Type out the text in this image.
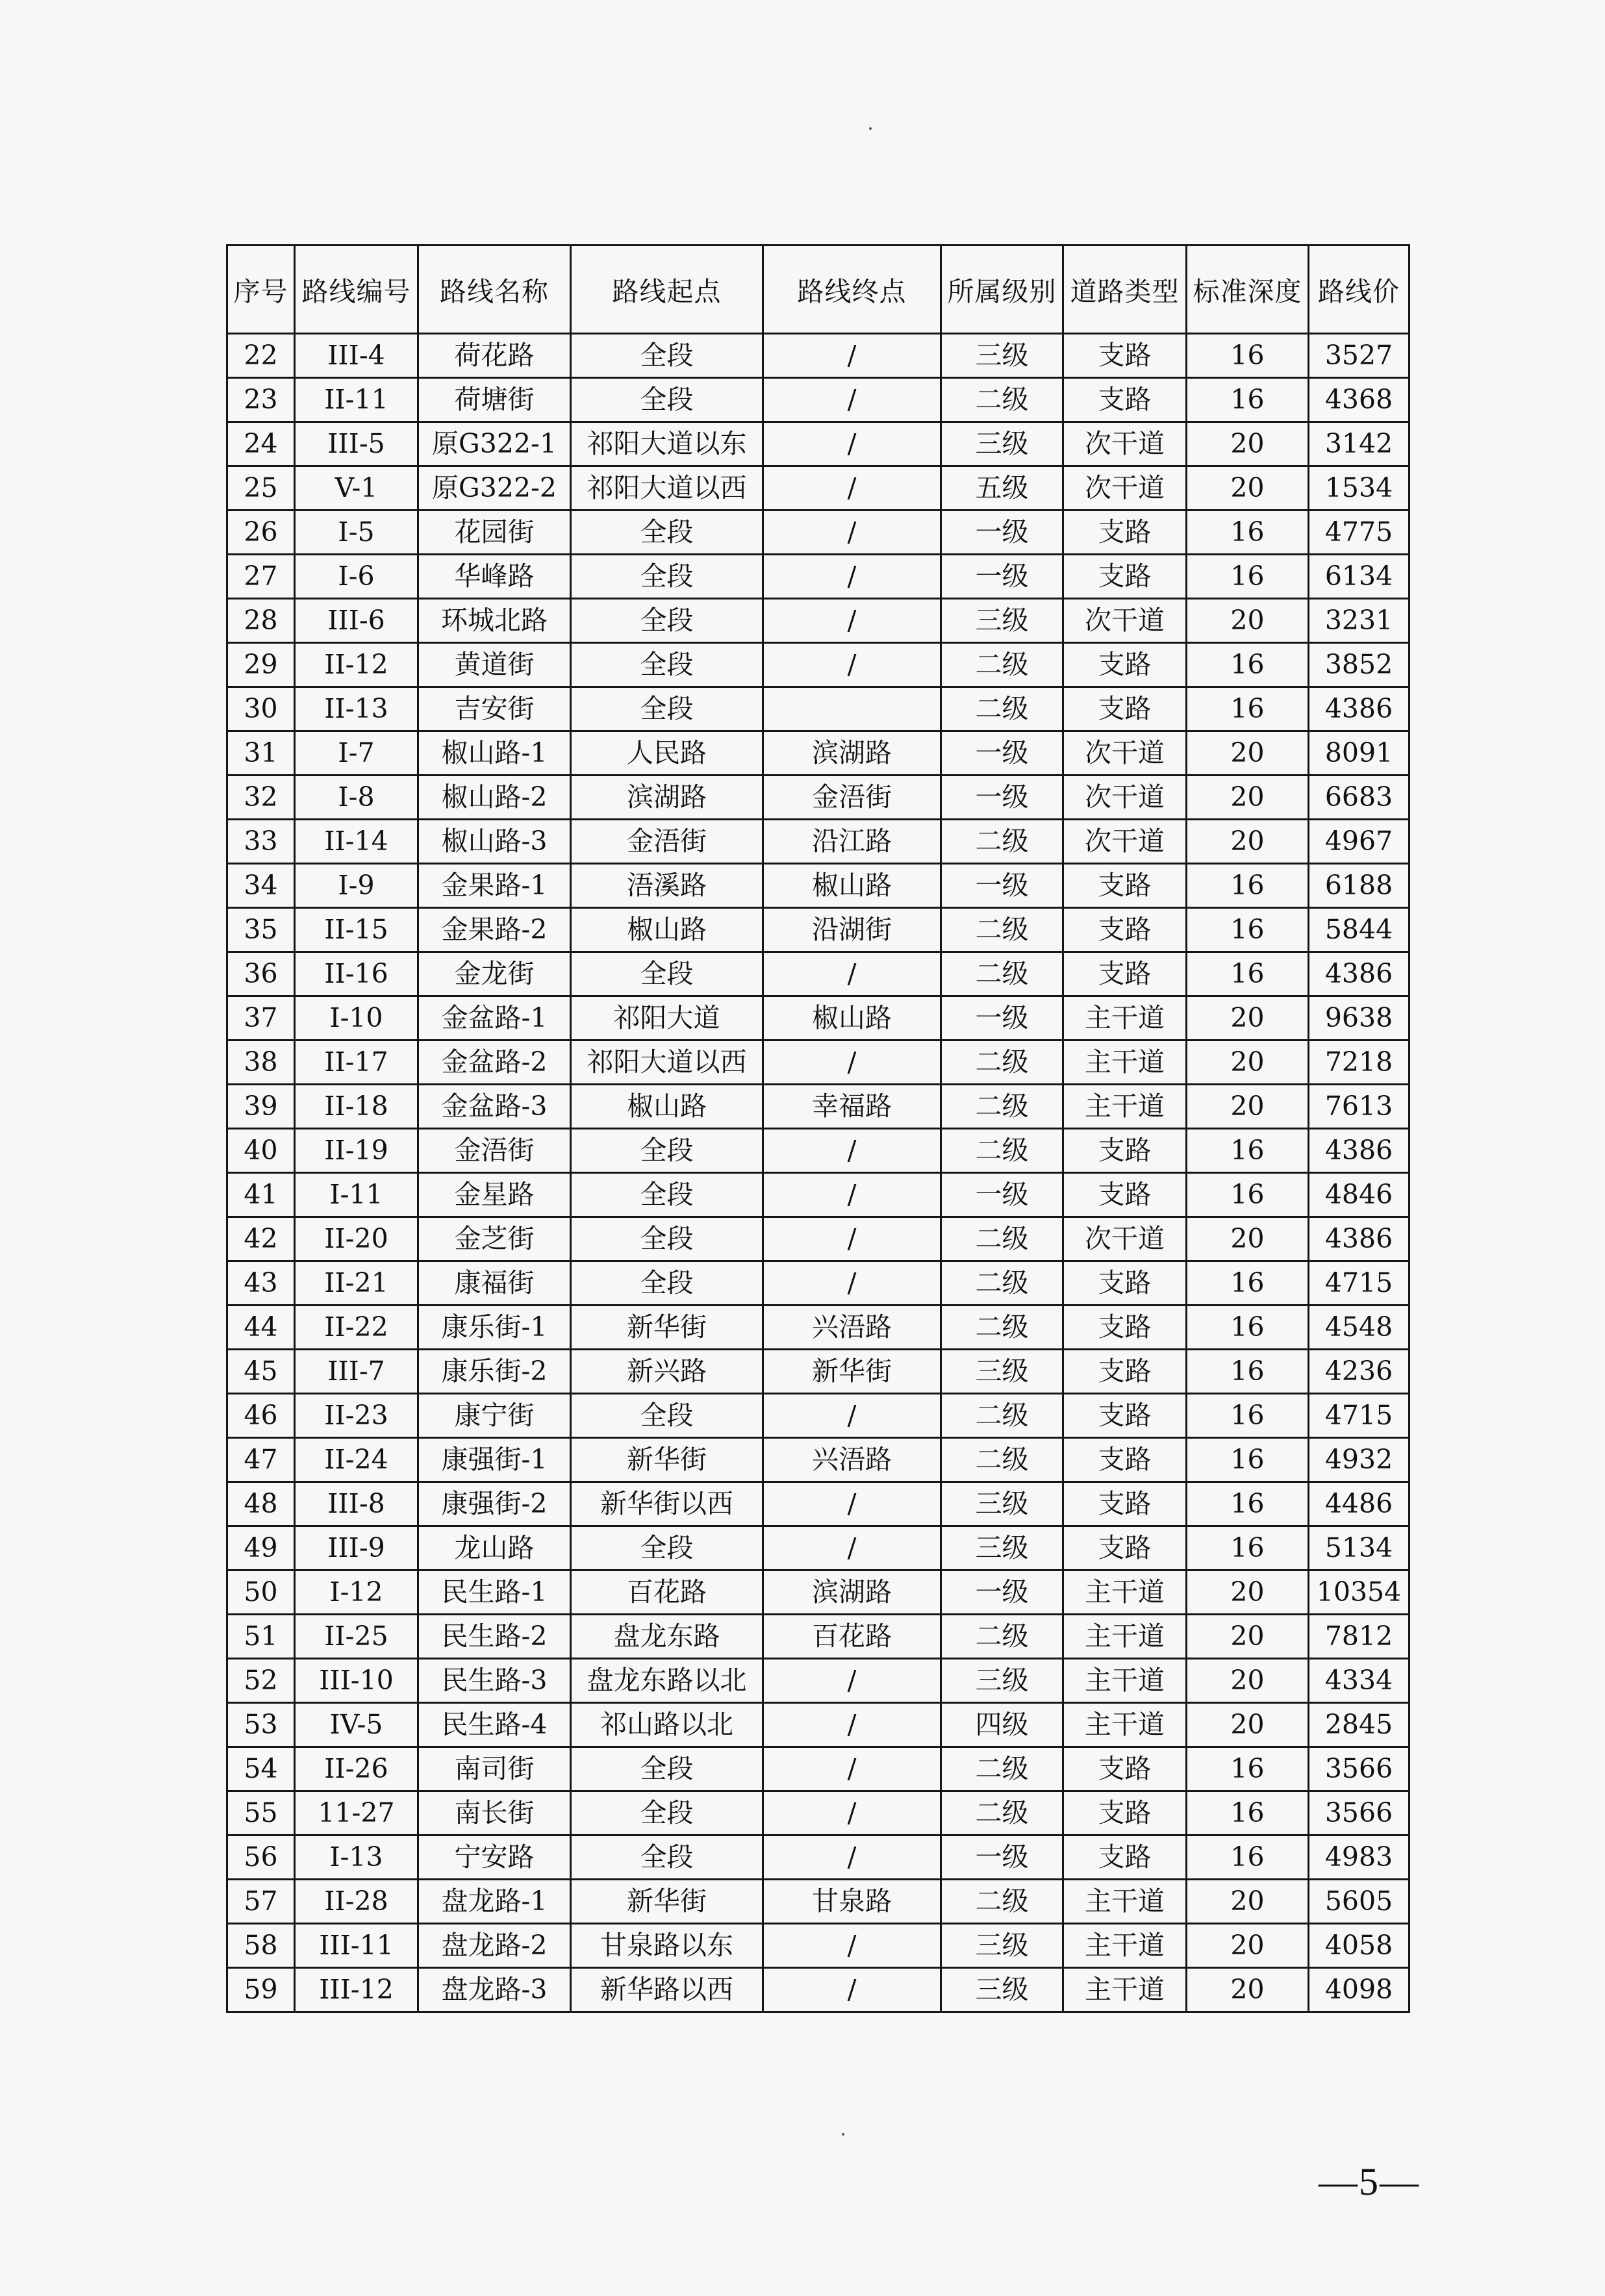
序号	路线编号	路线名称	路线起点	路线终点	所属级别	道路类型	标准深度	路线价
22	III-4	荷花路	全段	/	三级	支路	16	3527
23	II-11	荷塘街	全段	/	二级	支路	16	4368
24	III-5	原G322-1	祁阳大道以东	/	三级	次干道	20	3142
25	V-1	原G322-2	祁阳大道以西	/	五级	次干道	20	1534
26	I-5	花园街	全段	/	一级	支路	16	4775
27	I-6	华峰路	全段	/	一级	支路	16	6134
28	III-6	环城北路	全段	/	三级	次干道	20	3231
29	II-12	黄道街	全段	/	二级	支路	16	3852
30	II-13	吉安街	全段		二级	支路	16	4386
31	I-7	椒山路-1	人民路	滨湖路	一级	次干道	20	8091
32	I-8	椒山路-2	滨湖路	金浯街	一级	次干道	20	6683
33	II-14	椒山路-3	金浯街	沿江路	二级	次干道	20	4967
34	I-9	金果路-1	浯溪路	椒山路	一级	支路	16	6188
35	II-15	金果路-2	椒山路	沿湖街	二级	支路	16	5844
36	II-16	金龙街	全段	/	二级	支路	16	4386
37	I-10	金盆路-1	祁阳大道	椒山路	一级	主干道	20	9638
38	II-17	金盆路-2	祁阳大道以西	/	二级	主干道	20	7218
39	II-18	金盆路-3	椒山路	幸福路	二级	主干道	20	7613
40	II-19	金浯街	全段	/	二级	支路	16	4386
41	I-11	金星路	全段	/	一级	支路	16	4846
42	II-20	金芝街	全段	/	二级	次干道	20	4386
43	II-21	康福街	全段	/	二级	支路	16	4715
44	II-22	康乐街-1	新华街	兴浯路	二级	支路	16	4548
45	III-7	康乐街-2	新兴路	新华街	三级	支路	16	4236
46	II-23	康宁街	全段	/	二级	支路	16	4715
47	II-24	康强街-1	新华街	兴浯路	二级	支路	16	4932
48	III-8	康强街-2	新华街以西	/	三级	支路	16	4486
49	III-9	龙山路	全段	/	三级	支路	16	5134
50	I-12	民生路-1	百花路	滨湖路	一级	主干道	20	10354
51	II-25	民生路-2	盘龙东路	百花路	二级	主干道	20	7812
52	III-10	民生路-3	盘龙东路以北	/	三级	主干道	20	4334
53	IV-5	民生路-4	祁山路以北	/	四级	主干道	20	2845
54	II-26	南司街	全段	/	二级	支路	16	3566
55	11-27	南长街	全段	/	二级	支路	16	3566
56	I-13	宁安路	全段	/	一级	支路	16	4983
57	II-28	盘龙路-1	新华街	甘泉路	二级	主干道	20	5605
58	III-11	盘龙路-2	甘泉路以东	/	三级	主干道	20	4058
59	III-12	盘龙路-3	新华路以西	/	三级	主干道	20	4098
—5—
